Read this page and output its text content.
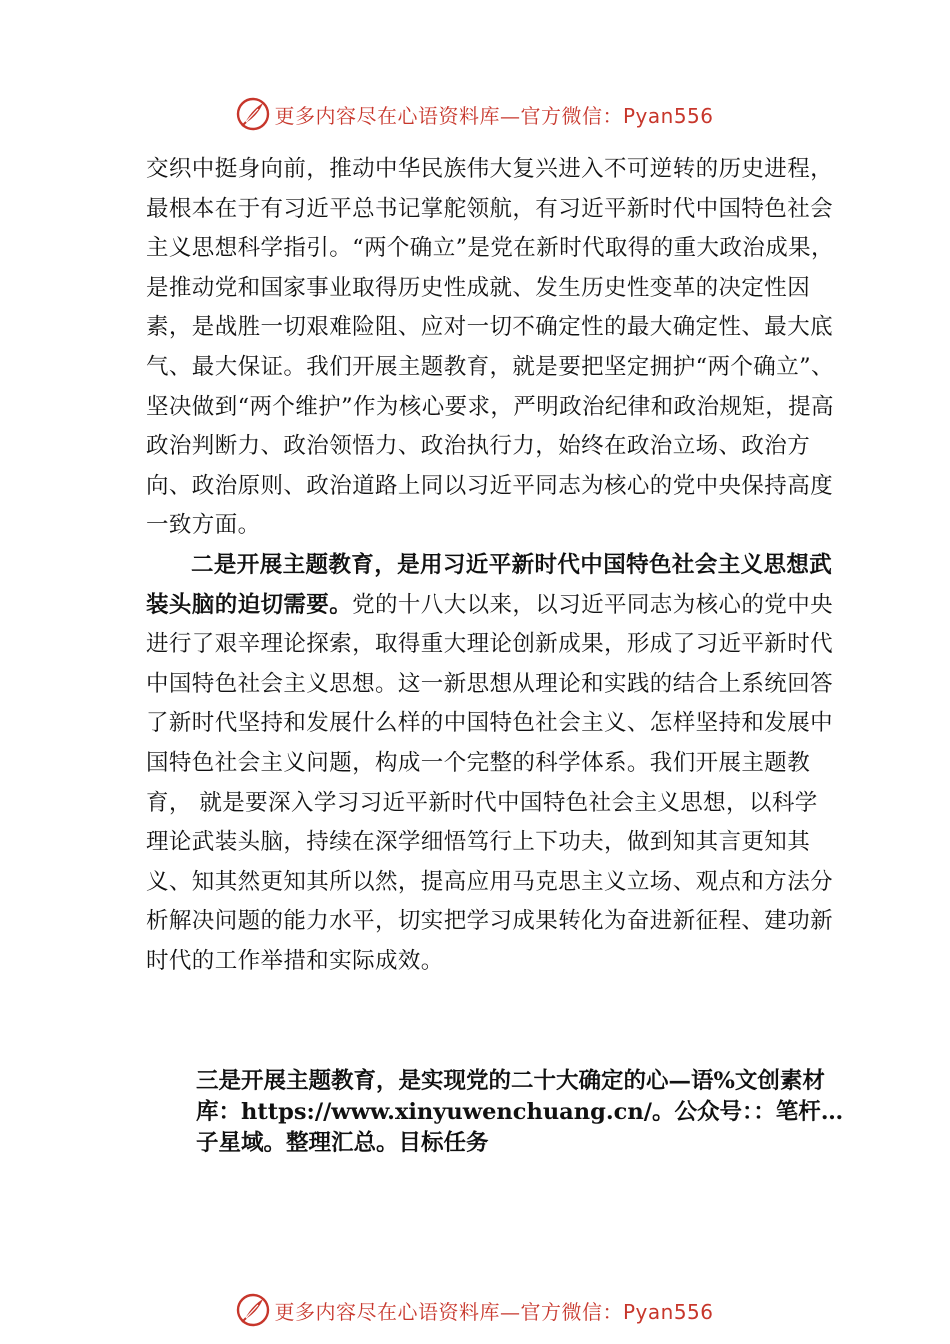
更多内容尽在心语资料库—官方微信：Pyan556

交织中挺身向前，推动中华民族伟大复兴进入不可逆转的历史进程，最根本在于有习近平总书记掌舵领航，有习近平新时代中国特色社会主义思想科学指引。“两个确立”是党在新时代取得的重大政治成果，是推动党和国家事业取得历史性成就、发生历史性变革的决定性因素，是战胜一切艰难险阻、应对一切不确定性的最大确定性、最大底气、最大保证。我们开展主题教育，就是要把坚定拥护“两个确立”、坚决做到“两个维护”作为核心要求，严明政治纪律和政治规矩，提高政治判断力、政治领悟力、政治执行力，始终在政治立场、政治方向、政治原则、政治道路上同以习近平同志为核心的党中央保持高度一致方面。

二是开展主题教育，是用习近平新时代中国特色社会主义思想武装头脑的迫切需要。党的十八大以来，以习近平同志为核心的党中央进行了艰辛理论探索，取得重大理论创新成果，形成了习近平新时代中国特色社会主义思想。这一新思想从理论和实践的结合上系统回答了新时代坚持和发展什么样的中国特色社会主义、怎样坚持和发展中国特色社会主义问题，构成一个完整的科学体系。我们开展主题教育， 就是要深入学习习近平新时代中国特色社会主义思想，以科学理论武装头脑，持续在深学细悟笃行上下功夫，做到知其言更知其义、知其然更知其所以然，提高应用马克思主义立场、观点和方法分析解决问题的能力水平，切实把学习成果转化为奋进新征程、建功新时代的工作举措和实际成效。

三是开展主题教育，是实现党的二十大确定的心—语%文创素材库：https://www.xinyuwenchuang.cn/。公众号：：笔杆…子星域。整理汇总。目标任务

更多内容尽在心语资料库—官方微信：Pyan556
